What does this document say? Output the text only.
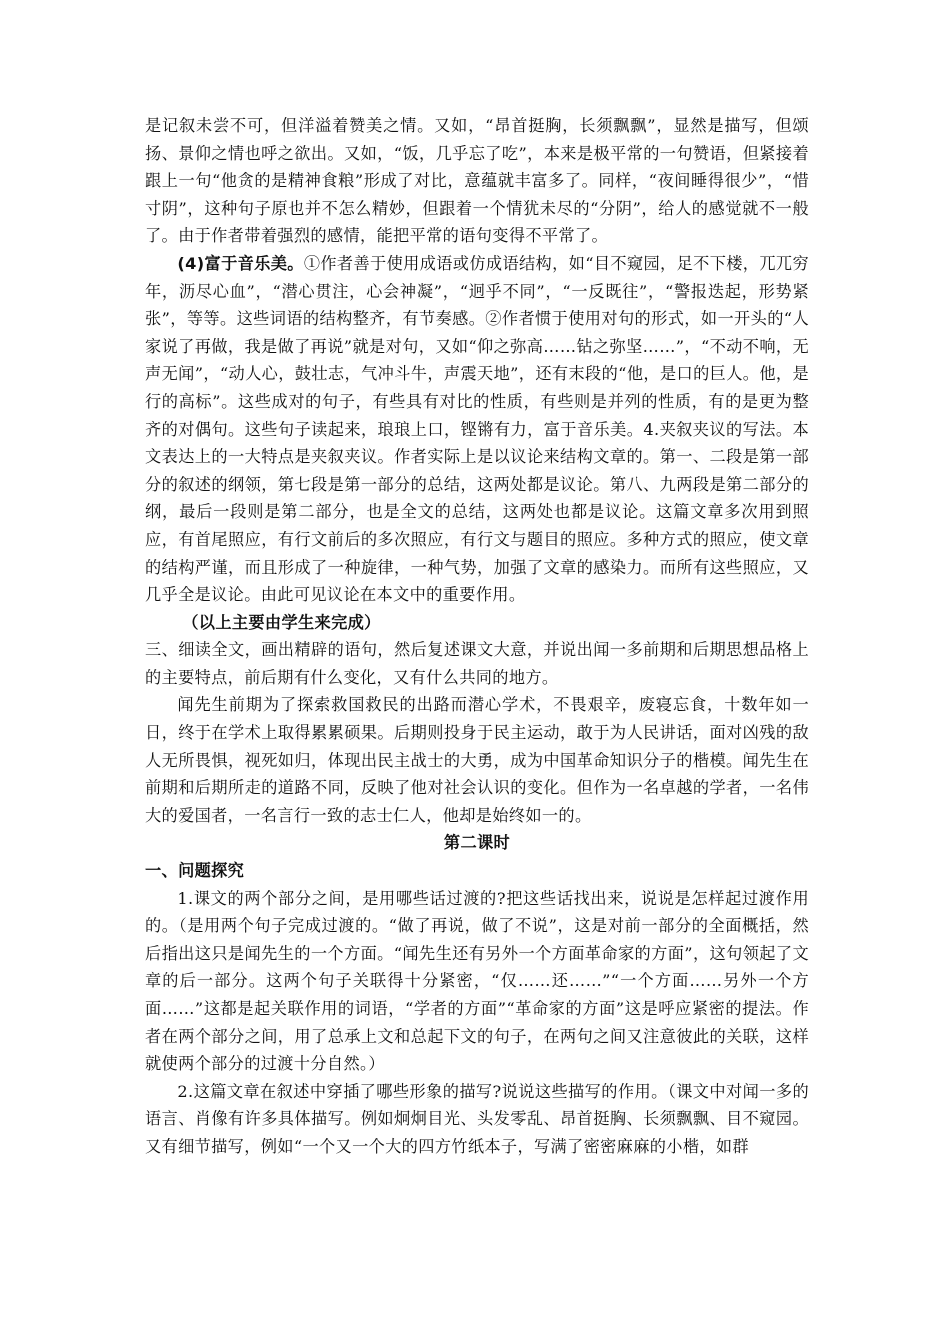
是记叙未尝不可，但洋溢着赞美之情。又如，“昂首挺胸，长须飘飘”，显然是描写，但颂扬、景仰之情也呼之欲出。又如，“饭，几乎忘了吃”，本来是极平常的一句赞语，但紧接着跟上一句“他贪的是精神食粮”形成了对比，意蕴就丰富多了。同样，“夜间睡得很少”，“惜寸阴”，这种句子原也并不怎么精妙，但跟着一个情犹未尽的“分阴”，给人的感觉就不一般了。由于作者带着强烈的感情，能把平常的语句变得不平常了。

(4)富于音乐美。①作者善于使用成语或仿成语结构，如“目不窥园，足不下楼，兀兀穷年，沥尽心血”，“潜心贯注，心会神凝”，“迥乎不同”，“一反既往”，“警报迭起，形势紧张”，等等。这些词语的结构整齐，有节奏感。②作者惯于使用对句的形式，如一开头的“人家说了再做，我是做了再说”就是对句，又如“仰之弥高……钻之弥坚……”，“不动不响，无声无闻”，“动人心，鼓壮志，气冲斗牛，声震天地”，还有末段的“他，是口的巨人。他，是行的高标”。这些成对的句子，有些具有对比的性质，有些则是并列的性质，有的是更为整齐的对偶句。这些句子读起来，琅琅上口，铿锵有力，富于音乐美。4.夹叙夹议的写法。本文表达上的一大特点是夹叙夹议。作者实际上是以议论来结构文章的。第一、二段是第一部分的叙述的纲领，第七段是第一部分的总结，这两处都是议论。第八、九两段是第二部分的纲，最后一段则是第二部分，也是全文的总结，这两处也都是议论。这篇文章多次用到照应，有首尾照应，有行文前后的多次照应，有行文与题目的照应。多种方式的照应，使文章的结构严谨，而且形成了一种旋律，一种气势，加强了文章的感染力。而所有这些照应，又几乎全是议论。由此可见议论在本文中的重要作用。

（以上主要由学生来完成）

三、细读全文，画出精辟的语句，然后复述课文大意，并说出闻一多前期和后期思想品格上的主要特点，前后期有什么变化，又有什么共同的地方。

闻先生前期为了探索救国救民的出路而潜心学术，不畏艰辛，废寝忘食，十数年如一日，终于在学术上取得累累硕果。后期则投身于民主运动，敢于为人民讲话，面对凶残的敌人无所畏惧，视死如归，体现出民主战士的大勇，成为中国革命知识分子的楷模。闻先生在前期和后期所走的道路不同，反映了他对社会认识的变化。但作为一名卓越的学者，一名伟大的爱国者，一名言行一致的志士仁人，他却是始终如一的。

第二课时

一、问题探究

1.课文的两个部分之间，是用哪些话过渡的?把这些话找出来，说说是怎样起过渡作用的。（是用两个句子完成过渡的。“做了再说，做了不说”，这是对前一部分的全面概括，然后指出这只是闻先生的一个方面。“闻先生还有另外一个方面革命家的方面”，这句领起了文章的后一部分。这两个句子关联得十分紧密，“仅……还……”“一个方面……另外一个方面……”这都是起关联作用的词语，“学者的方面”“革命家的方面”这是呼应紧密的提法。作者在两个部分之间，用了总承上文和总起下文的句子，在两句之间又注意彼此的关联，这样就使两个部分的过渡十分自然。）

2.这篇文章在叙述中穿插了哪些形象的描写?说说这些描写的作用。（课文中对闻一多的语言、肖像有许多具体描写。例如炯炯目光、头发零乱、昂首挺胸、长须飘飘、目不窥园。又有细节描写，例如“一个又一个大的四方竹纸本子，写满了密密麻麻的小楷，如群
